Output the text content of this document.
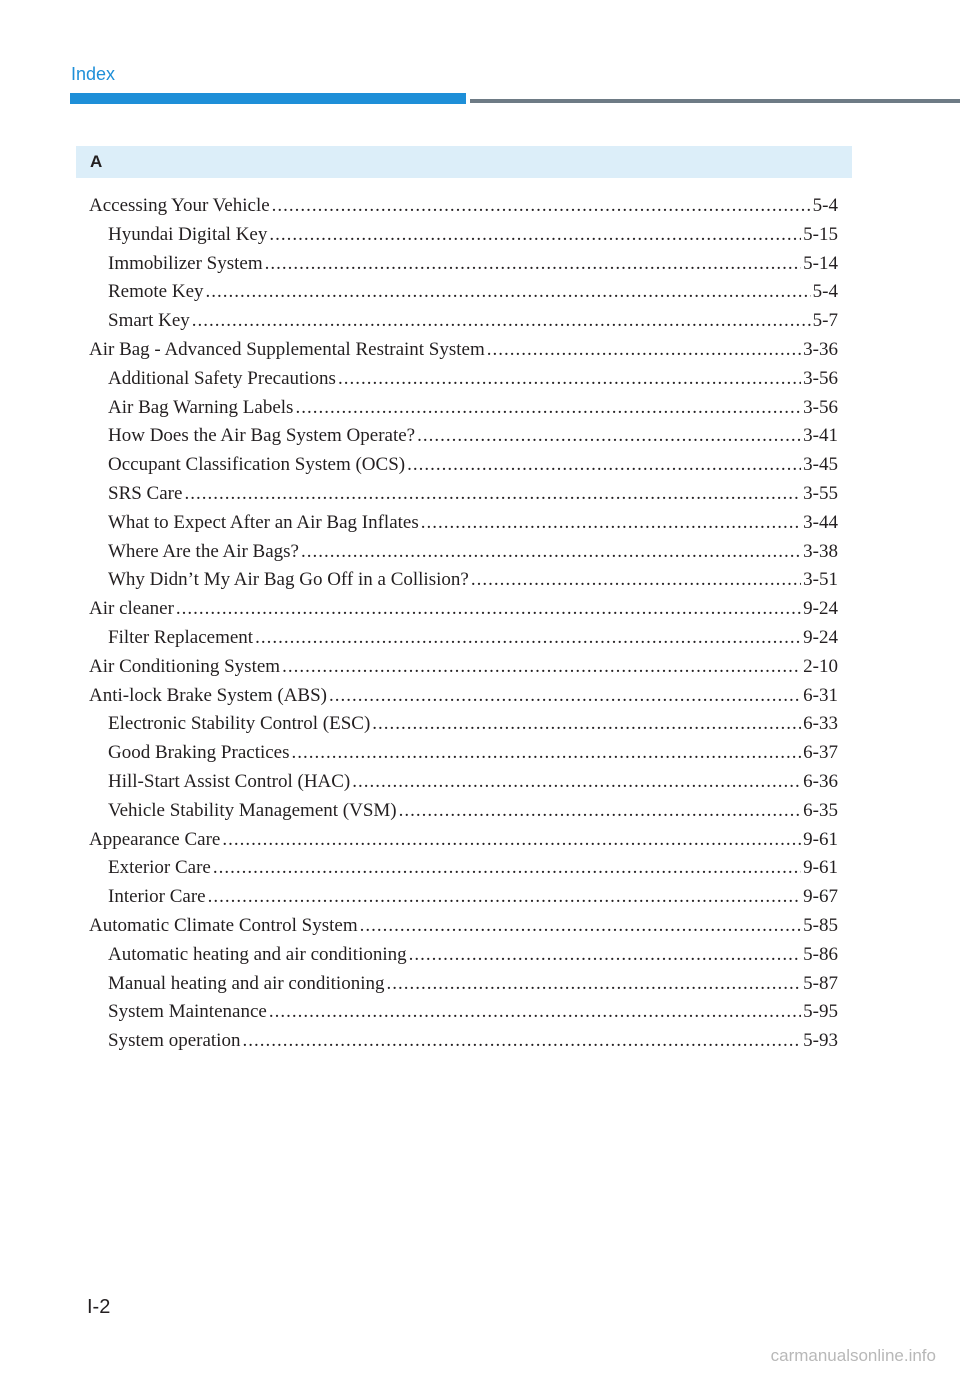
Index
A
Accessing Your Vehicle .....	5-4
Hyundai Digital Key .....	5-15
Immobilizer System .....	5-14
Remote Key .....	5-4
Smart Key .....	5-7
Air Bag - Advanced Supplemental Restraint System .....	3-36
Additional Safety Precautions .....	3-56
Air Bag Warning Labels .....	3-56
How Does the Air Bag System Operate? .....	3-41
Occupant Classification System (OCS) .....	3-45
SRS Care .....	3-55
What to Expect After an Air Bag Inflates .....	3-44
Where Are the Air Bags? .....	3-38
Why Didn’t My Air Bag Go Off in a Collision? .....	3-51
Air cleaner .....	9-24
Filter Replacement .....	9-24
Air Conditioning System .....	2-10
Anti-lock Brake System (ABS) .....	6-31
Electronic Stability Control (ESC) .....	6-33
Good Braking Practices .....	6-37
Hill-Start Assist Control (HAC) .....	6-36
Vehicle Stability Management (VSM) .....	6-35
Appearance Care .....	9-61
Exterior Care .....	9-61
Interior Care .....	9-67
Automatic Climate Control System .....	5-85
Automatic heating and air conditioning .....	5-86
Manual heating and air conditioning .....	5-87
System Maintenance .....	5-95
System operation .....	5-93
I-2
carmanualsonline.info
